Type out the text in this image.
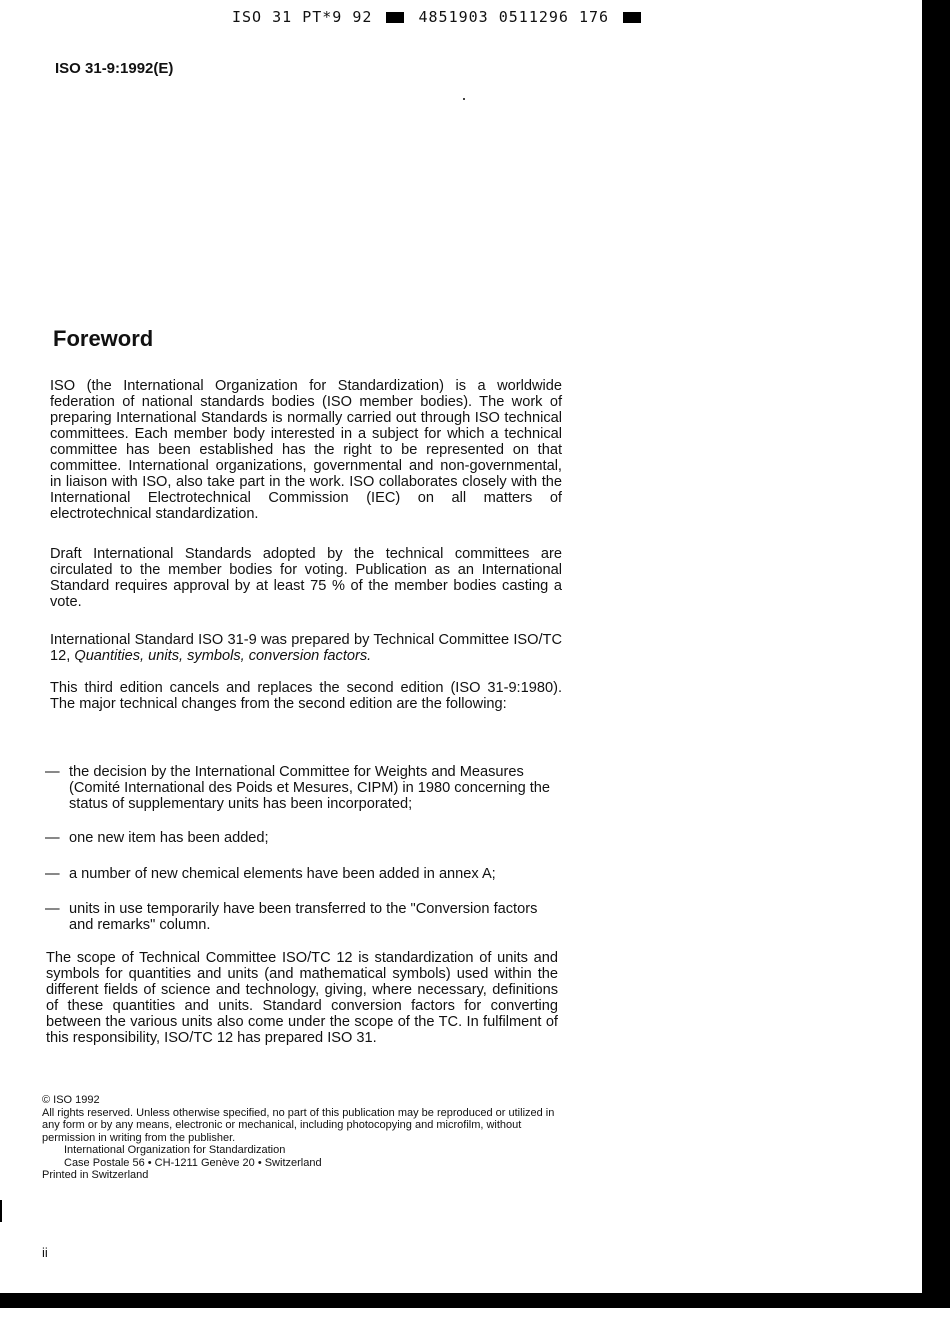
ISO 31 PT*9 92	4851903 0511296 176
ISO 31-9:1992(E)
Foreword

ISO (the International Organization for Standardization) is a worldwide federation of national standards bodies (ISO member bodies). The work of preparing International Standards is normally carried out through ISO technical committees. Each member body interested in a subject for which a technical committee has been established has the right to be represented on that committee. International organizations, governmental and non-governmental, in liaison with ISO, also take part in the work. ISO collaborates closely with the International Electrotechnical Commission (IEC) on all matters of electrotechnical standardization.

Draft International Standards adopted by the technical committees are circulated to the member bodies for voting. Publication as an International Standard requires approval by at least 75 % of the member bodies casting a vote.

International Standard ISO 31-9 was prepared by Technical Committee ISO/TC 12, Quantities, units, symbols, conversion factors.

This third edition cancels and replaces the second edition (ISO 31-9:1980). The major technical changes from the second edition are the following:

— the decision by the International Committee for Weights and Measures (Comité International des Poids et Mesures, CIPM) in 1980 concerning the status of supplementary units has been incorporated;
— one new item has been added;
— a number of new chemical elements have been added in annex A;
— units in use temporarily have been transferred to the "Conversion factors and remarks" column.

The scope of Technical Committee ISO/TC 12 is standardization of units and symbols for quantities and units (and mathematical symbols) used within the different fields of science and technology, giving, where necessary, definitions of these quantities and units. Standard conversion factors for converting between the various units also come under the scope of the TC. In fulfilment of this responsibility, ISO/TC 12 has prepared ISO 31.

© ISO 1992

All rights reserved. Unless otherwise specified, no part of this publication may be reproduced or utilized in any form or by any means, electronic or mechanical, including photocopying and microfilm, without permission in writing from the publisher.

International Organization for Standardization

Case Postale 56 • CH-1211 Genève 20 • Switzerland

Printed in Switzerland

ii
